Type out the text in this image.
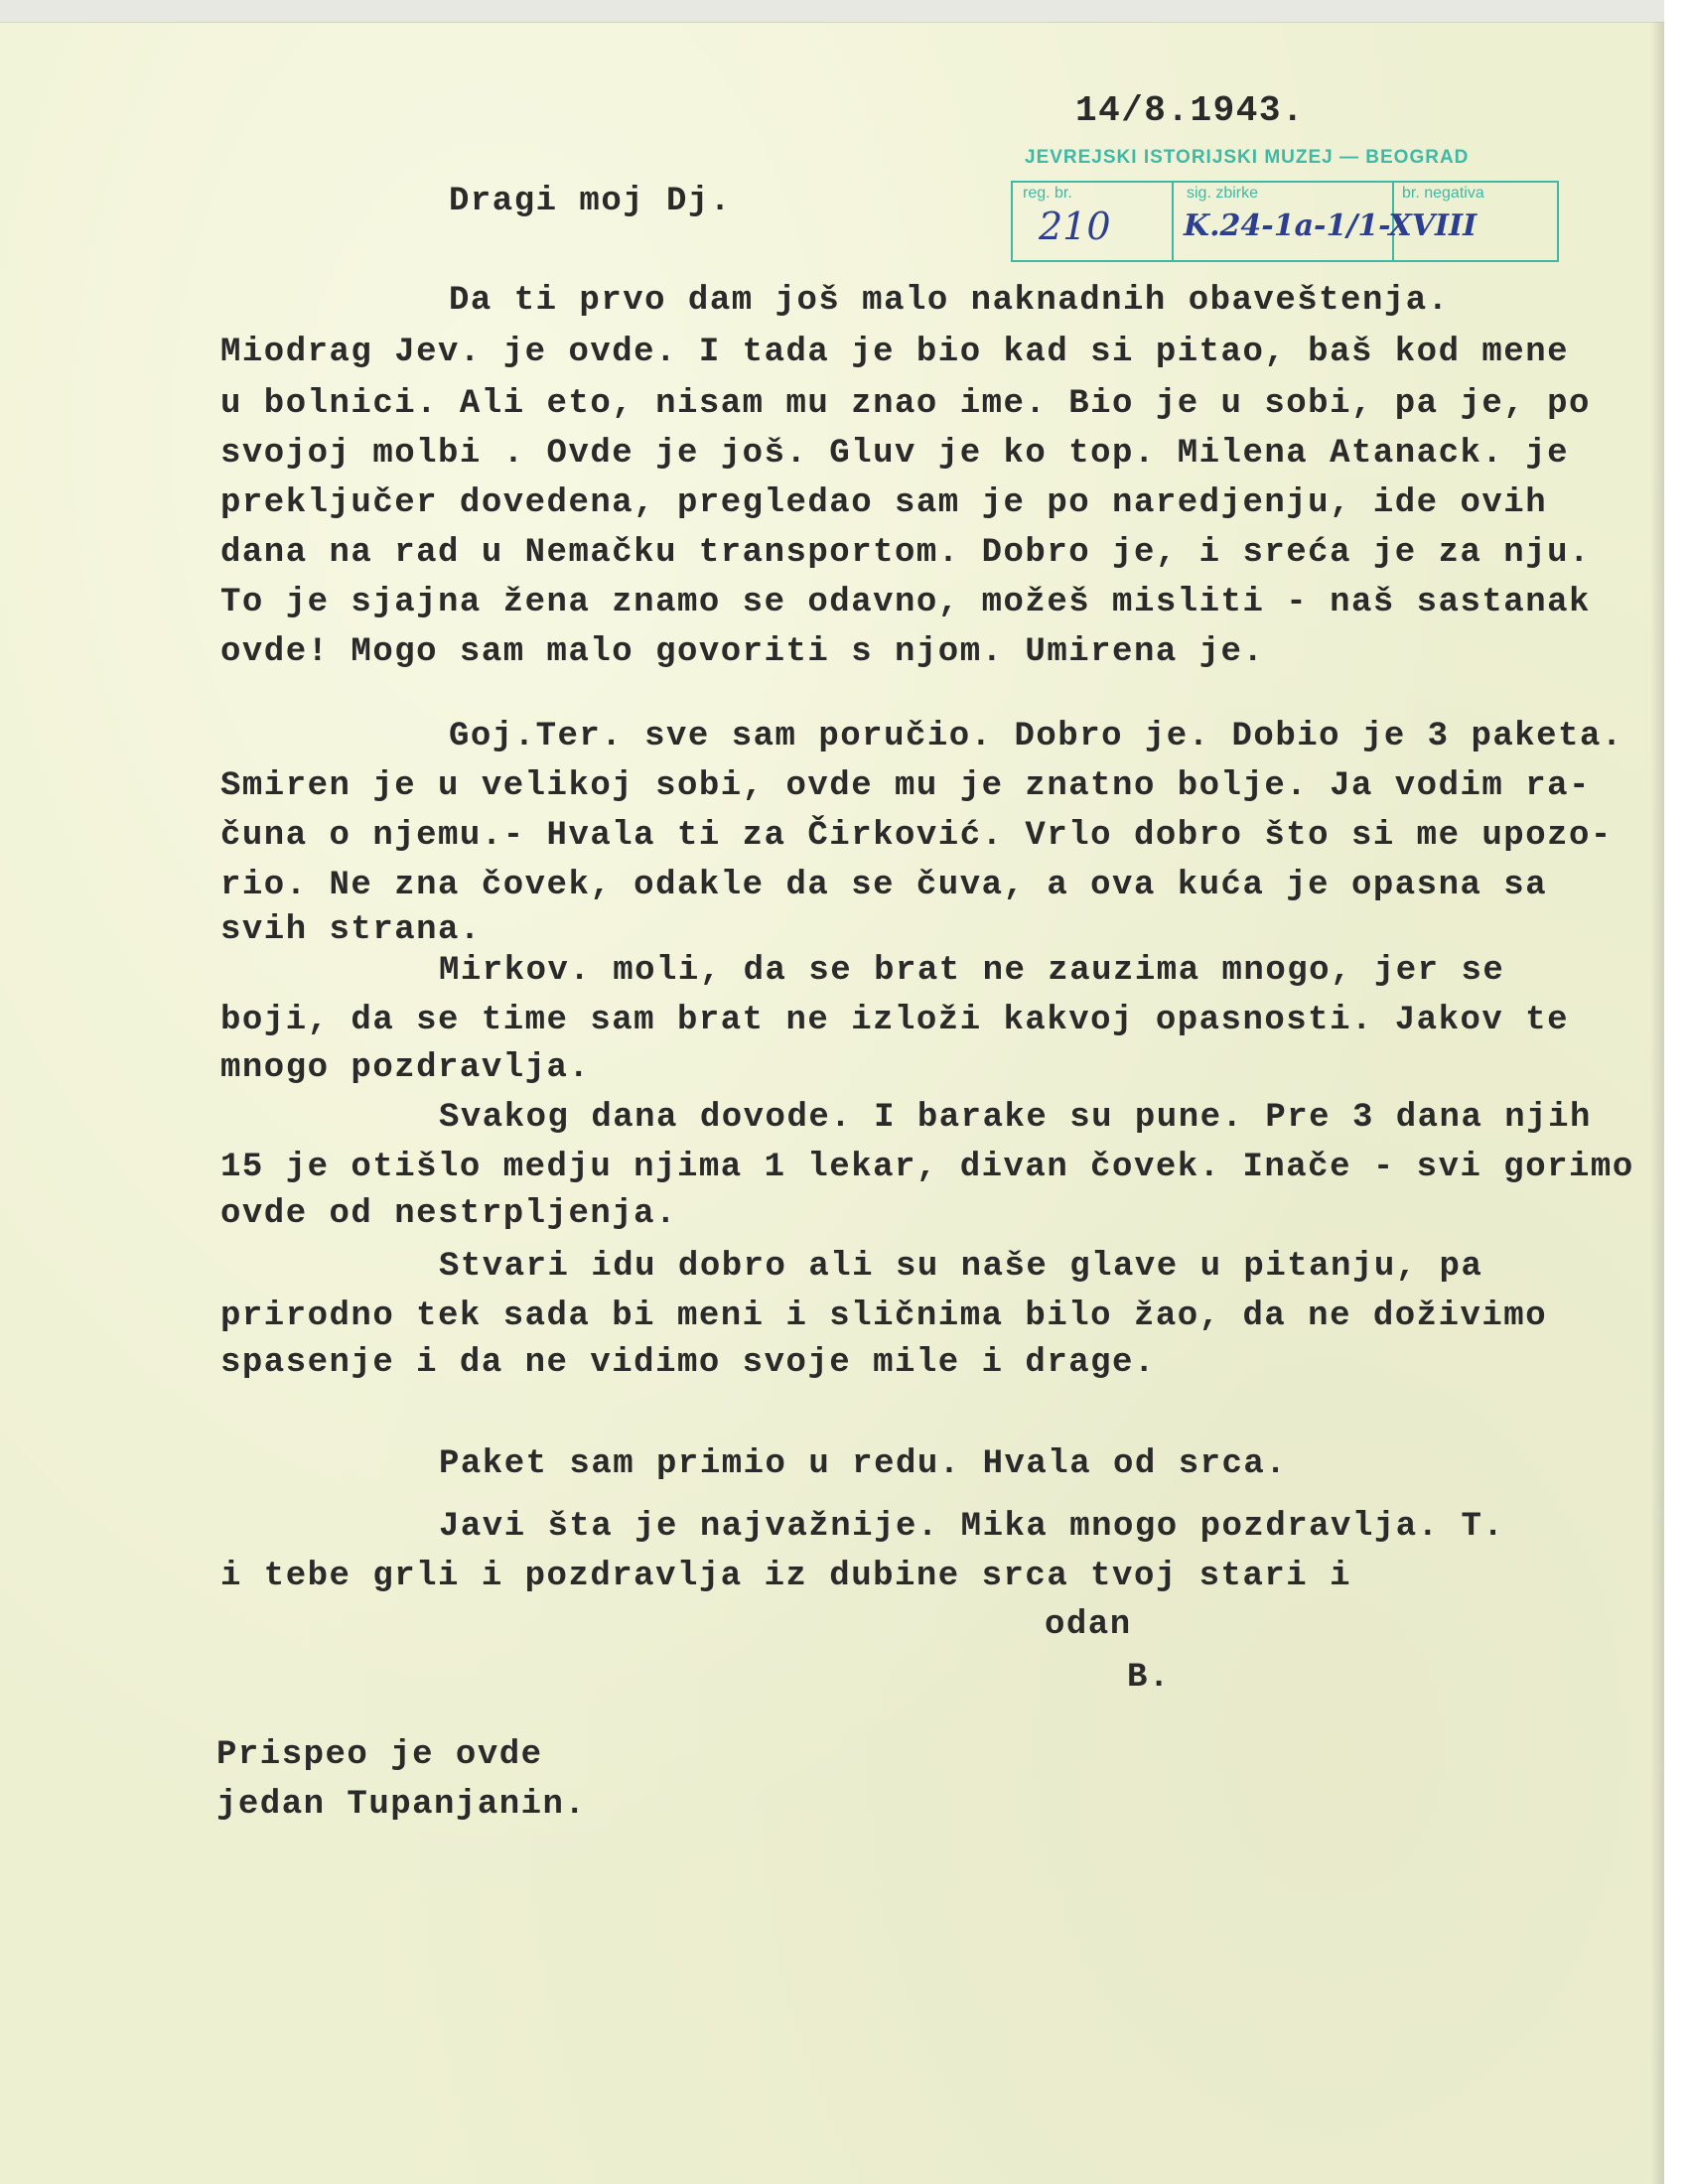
14/8.1943.
JEVREJSKI ISTORIJSKI MUZEJ — BEOGRAD
reg. br.	sig. zbirke	br. negativa
210 K.24-1a-1/1-XVIII
Dragi moj Dj.
Da ti prvo dam još malo naknadnih obaveštenja.
Miodrag Jev. je ovde. I tada je bio kad si pitao, baš kod mene
u bolnici. Ali eto, nisam mu znao ime. Bio je u sobi, pa je, po
svojoj molbi . Ovde je još. Gluv je ko top. Milena Atanack. je
preključer dovedena, pregledao sam je po naredjenju, ide ovih
dana na rad u Nemačku transportom. Dobro je, i sreća je za nju.
To je sjajna žena znamo se odavno, možeš misliti - naš sastanak
ovde! Mogo sam malo govoriti s njom. Umirena je.
Goj.Ter. sve sam poručio. Dobro je. Dobio je 3 paketa.
Smiren je u velikoj sobi, ovde mu je znatno bolje. Ja vodim ra-
čuna o njemu.- Hvala ti za Čirković. Vrlo dobro što si me upozo-
rio. Ne zna čovek, odakle da se čuva, a ova kuća je opasna sa
svih strana.
Mirkov. moli, da se brat ne zauzima mnogo, jer se
boji, da se time sam brat ne izloži kakvoj opasnosti. Jakov te
mnogo pozdravlja.
Svakog dana dovode. I barake su pune. Pre 3 dana njih
15 je otišlo medju njima 1 lekar, divan čovek. Inače - svi gorimo
ovde od nestrpljenja.
Stvari idu dobro ali su naše glave u pitanju, pa
prirodno tek sada bi meni i sličnima bilo žao, da ne doživimo
spasenje i da ne vidimo svoje mile i drage.
Paket sam primio u redu. Hvala od srca.
Javi šta je najvažnije. Mika mnogo pozdravlja. T.
i tebe grli i pozdravlja iz dubine srca tvoj stari i
odan
B.
Prispeo je ovde
jedan Tupanjanin.
